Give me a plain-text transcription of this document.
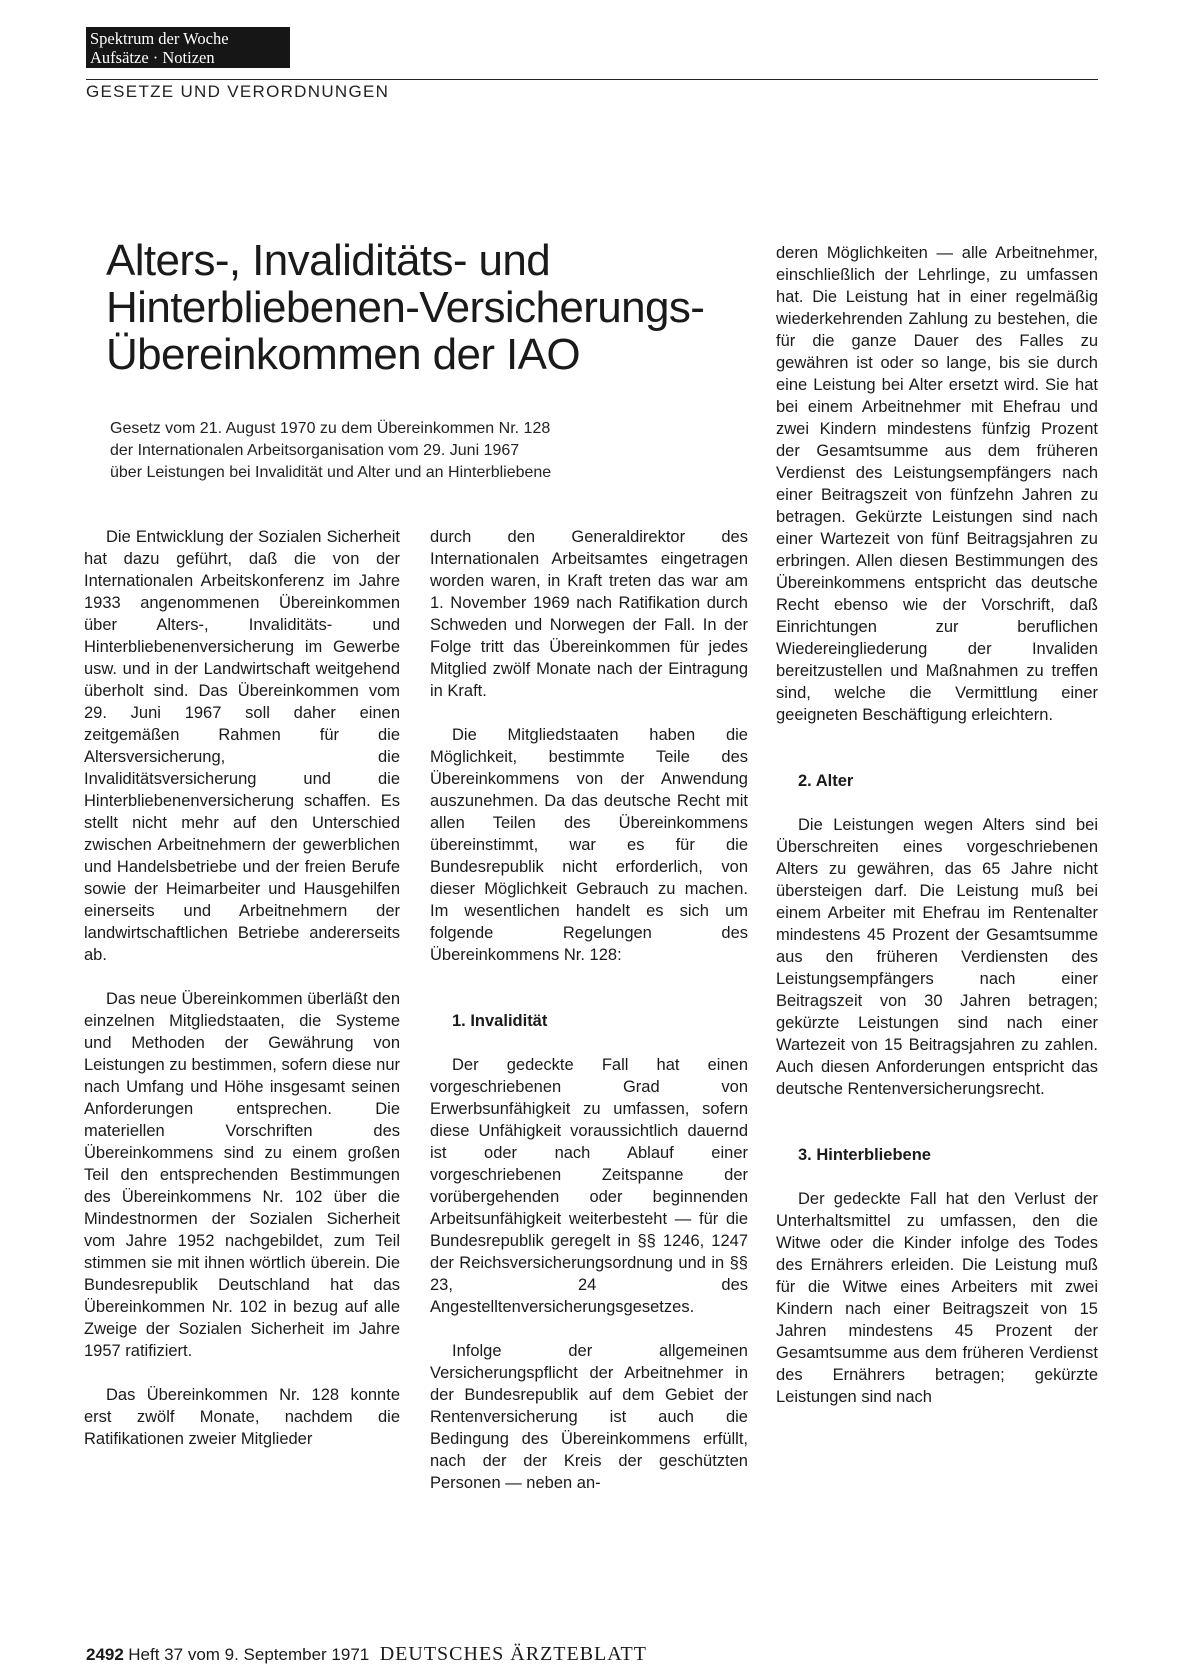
Spektrum der Woche
Aufsätze · Notizen
GESETZE UND VERORDNUNGEN
Alters-, Invaliditäts- und
Hinterbliebenen-Versicherungs-
Übereinkommen der IAO
Gesetz vom 21. August 1970 zu dem Übereinkommen Nr. 128
der Internationalen Arbeitsorganisation vom 29. Juni 1967
über Leistungen bei Invalidität und Alter und an Hinterbliebene

Die Entwicklung der Sozialen Sicherheit hat dazu geführt, daß die von der Internationalen Arbeitskonferenz im Jahre 1933 angenommenen Übereinkommen über Alters-, Invaliditäts- und Hinterbliebenenversicherung im Gewerbe usw. und in der Landwirtschaft weitgehend überholt sind. Das Übereinkommen vom 29. Juni 1967 soll daher einen zeitgemäßen Rahmen für die Altersversicherung, die Invaliditätsversicherung und die Hinterbliebenenversicherung schaffen. Es stellt nicht mehr auf den Unterschied zwischen Arbeitnehmern der gewerblichen und Handelsbetriebe und der freien Berufe sowie der Heimarbeiter und Hausgehilfen einerseits und Arbeitnehmern der landwirtschaftlichen Betriebe andererseits ab.

Das neue Übereinkommen überläßt den einzelnen Mitgliedstaaten, die Systeme und Methoden der Gewährung von Leistungen zu bestimmen, sofern diese nur nach Umfang und Höhe insgesamt seinen Anforderungen entsprechen. Die materiellen Vorschriften des Übereinkommens sind zu einem großen Teil den entsprechenden Bestimmungen des Übereinkommens Nr. 102 über die Mindestnormen der Sozialen Sicherheit vom Jahre 1952 nachgebildet, zum Teil stimmen sie mit ihnen wörtlich überein. Die Bundesrepublik Deutschland hat das Übereinkommen Nr. 102 in bezug auf alle Zweige der Sozialen Sicherheit im Jahre 1957 ratifiziert.

Das Übereinkommen Nr. 128 konnte erst zwölf Monate, nachdem die Ratifikationen zweier Mitglieder

durch den Generaldirektor des Internationalen Arbeitsamtes eingetragen worden waren, in Kraft treten das war am 1. November 1969 nach Ratifikation durch Schweden und Norwegen der Fall. In der Folge tritt das Übereinkommen für jedes Mitglied zwölf Monate nach der Eintragung in Kraft.

Die Mitgliedstaaten haben die Möglichkeit, bestimmte Teile des Übereinkommens von der Anwendung auszunehmen. Da das deutsche Recht mit allen Teilen des Übereinkommens übereinstimmt, war es für die Bundesrepublik nicht erforderlich, von dieser Möglichkeit Gebrauch zu machen. Im wesentlichen handelt es sich um folgende Regelungen des Übereinkommens Nr. 128:

1. Invalidität

Der gedeckte Fall hat einen vorgeschriebenen Grad von Erwerbsunfähigkeit zu umfassen, sofern diese Unfähigkeit voraussichtlich dauernd ist oder nach Ablauf einer vorgeschriebenen Zeitspanne der vorübergehenden oder beginnenden Arbeitsunfähigkeit weiterbesteht — für die Bundesrepublik geregelt in §§ 1246, 1247 der Reichsversicherungsordnung und in §§ 23, 24 des Angestelltenversicherungsgesetzes.

Infolge der allgemeinen Versicherungspflicht der Arbeitnehmer in der Bundesrepublik auf dem Gebiet der Rentenversicherung ist auch die Bedingung des Übereinkommens erfüllt, nach der der Kreis der geschützten Personen — neben an-

deren Möglichkeiten — alle Arbeitnehmer, einschließlich der Lehrlinge, zu umfassen hat. Die Leistung hat in einer regelmäßig wiederkehrenden Zahlung zu bestehen, die für die ganze Dauer des Falles zu gewähren ist oder so lange, bis sie durch eine Leistung bei Alter ersetzt wird. Sie hat bei einem Arbeitnehmer mit Ehefrau und zwei Kindern mindestens fünfzig Prozent der Gesamtsumme aus dem früheren Verdienst des Leistungsempfängers nach einer Beitragszeit von fünfzehn Jahren zu betragen. Gekürzte Leistungen sind nach einer Wartezeit von fünf Beitragsjahren zu erbringen. Allen diesen Bestimmungen des Übereinkommens entspricht das deutsche Recht ebenso wie der Vorschrift, daß Einrichtungen zur beruflichen Wiedereingliederung der Invaliden bereitzustellen und Maßnahmen zu treffen sind, welche die Vermittlung einer geeigneten Beschäftigung erleichtern.

2. Alter

Die Leistungen wegen Alters sind bei Überschreiten eines vorgeschriebenen Alters zu gewähren, das 65 Jahre nicht übersteigen darf. Die Leistung muß bei einem Arbeiter mit Ehefrau im Rentenalter mindestens 45 Prozent der Gesamtsumme aus den früheren Verdiensten des Leistungsempfängers nach einer Beitragszeit von 30 Jahren betragen; gekürzte Leistungen sind nach einer Wartezeit von 15 Beitragsjahren zu zahlen. Auch diesen Anforderungen entspricht das deutsche Rentenversicherungsrecht.

3. Hinterbliebene

Der gedeckte Fall hat den Verlust der Unterhaltsmittel zu umfassen, den die Witwe oder die Kinder infolge des Todes des Ernährers erleiden. Die Leistung muß für die Witwe eines Arbeiters mit zwei Kindern nach einer Beitragszeit von 15 Jahren mindestens 45 Prozent der Gesamtsumme aus dem früheren Verdienst des Ernährers betragen; gekürzte Leistungen sind nach

2492 Heft 37 vom 9. September 1971 DEUTSCHES ÄRZTEBLATT
